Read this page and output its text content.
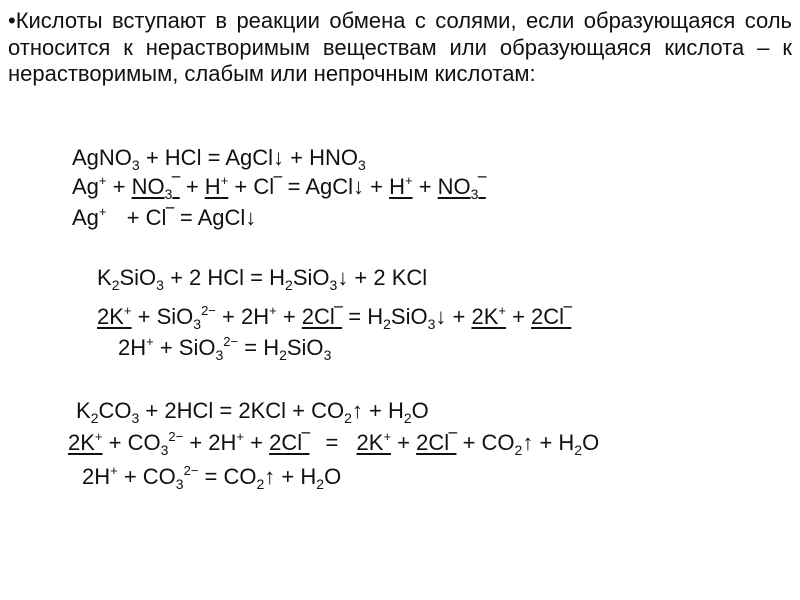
•Кислоты вступают в реакции обмена с солями, если образующаяся соль относится к нерастворимым веществам или образующаяся кислота – к нерастворимым, слабым или непрочным кислотам:
AgNO$_3$ + HCl = AgCl↓ + $HNO_3$
$Ag^+ + NO_3‾ + H^+$ + Cl‾ = AgCl↓ + $H^+ + NO_3‾$
Ag+ + Cl‾ = AgCl↓
$K_2SiO_3 + 2$ HCl = $H_2SiO_3↓ + 2$ KCl
2K+ + SiO$_3^{2-}$ + 2H+ + 2Cl‾ = $H_2SiO_3↓ + 2K^+$ + 2Cl‾
$2H^+ + SiO_3^{2-} = H_2SiO_3$
$K_2CO_3 + 2HCl = 2KCl$ + $CO_2↑ + H_2O$
$2K^+ + CO_3^{2-} + 2H^+$ + 2Cl‾ = 2K+ + 2Cl‾ + $CO_2↑ + H_2O$
$2H^+ + CO_3^{2-}$ = $CO_2↑ + H_2O$
